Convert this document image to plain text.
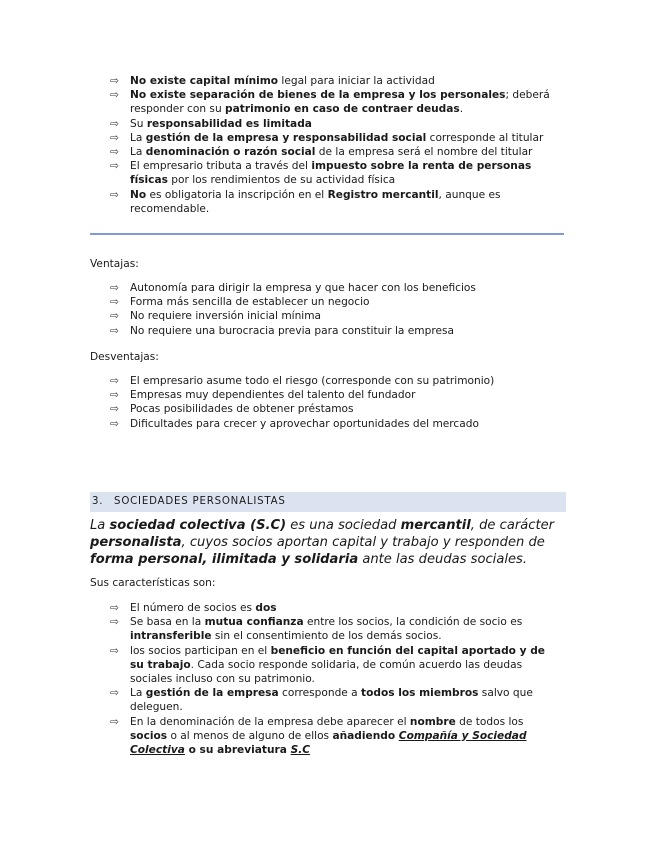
⇨ No existe capital mínimo legal para iniciar la actividad
⇨ No existe separación de bienes de la empresa y los personales; deberá responder con su patrimonio en caso de contraer deudas.
⇨ Su responsabilidad es limitada
⇨ La gestión de la empresa y responsabilidad social corresponde al titular
⇨ La denominación o razón social de la empresa será el nombre del titular
⇨ El empresario tributa a través del impuesto sobre la renta de personas físicas por los rendimientos de su actividad física
⇨ No es obligatoria la inscripción en el Registro mercantil, aunque es recomendable.
Ventajas:
⇨ Autonomía para dirigir la empresa y que hacer con los beneficios
⇨ Forma más sencilla de establecer un negocio
⇨ No requiere inversión inicial mínima
⇨ No requiere una burocracia previa para constituir la empresa
Desventajas:
⇨ El empresario asume todo el riesgo (corresponde con su patrimonio)
⇨ Empresas muy dependientes del talento del fundador
⇨ Pocas posibilidades de obtener préstamos
⇨ Dificultades para crecer y aprovechar oportunidades del mercado
3. SOCIEDADES PERSONALISTAS
La sociedad colectiva (S.C) es una sociedad mercantil, de carácter personalista, cuyos socios aportan capital y trabajo y responden de forma personal, ilimitada y solidaria ante las deudas sociales.
Sus características son:
⇨ El número de socios es dos
⇨ Se basa en la mutua confianza entre los socios, la condición de socio es intransferible sin el consentimiento de los demás socios.
⇨ los socios participan en el beneficio en función del capital aportado y de su trabajo. Cada socio responde solidaria, de común acuerdo las deudas sociales incluso con su patrimonio.
⇨ La gestión de la empresa corresponde a todos los miembros salvo que deleguen.
⇨ En la denominación de la empresa debe aparecer el nombre de todos los socios o al menos de alguno de ellos añadiendo Compañía y Sociedad Colectiva o su abreviatura S.C
